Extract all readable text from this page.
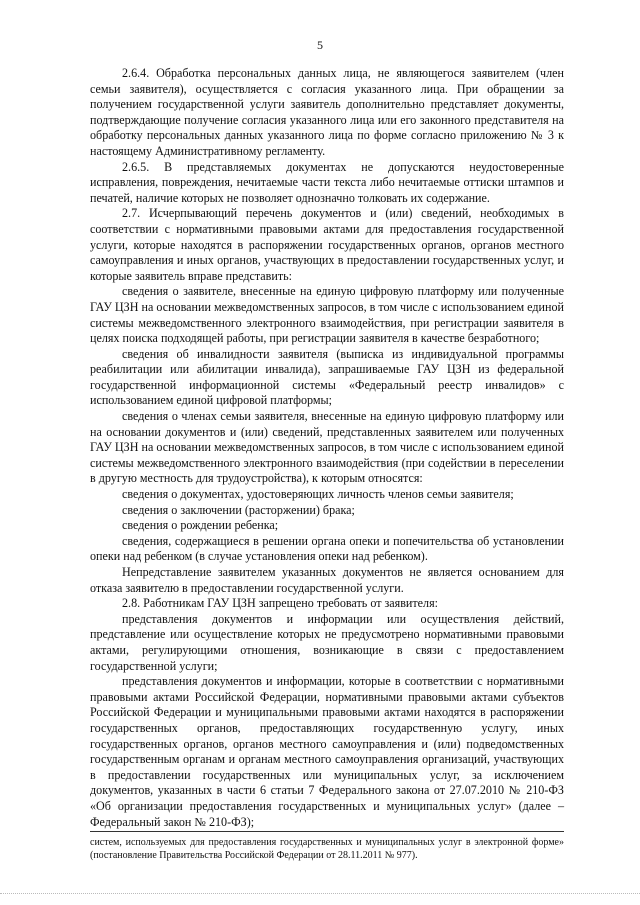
5

2.6.4. Обработка персональных данных лица, не являющегося заявителем (член семьи заявителя), осуществляется с согласия указанного лица. При обращении за получением государственной услуги заявитель дополнительно представляет документы, подтверждающие получение согласия указанного лица или его законного представителя на обработку персональных данных указанного лица по форме согласно приложению № 3 к настоящему Административному регламенту.

2.6.5. В представляемых документах не допускаются неудостоверенные исправления, повреждения, нечитаемые части текста либо нечитаемые оттиски штампов и печатей, наличие которых не позволяет однозначно толковать их содержание.

2.7. Исчерпывающий перечень документов и (или) сведений, необходимых в соответствии с нормативными правовыми актами для предоставления государственной услуги, которые находятся в распоряжении государственных органов, органов местного самоуправления и иных органов, участвующих в предоставлении государственных услуг, и которые заявитель вправе представить:

сведения о заявителе, внесенные на единую цифровую платформу или полученные ГАУ ЦЗН на основании межведомственных запросов, в том числе с использованием единой системы межведомственного электронного взаимодействия, при регистрации заявителя в целях поиска подходящей работы, при регистрации заявителя в качестве безработного;

сведения об инвалидности заявителя (выписка из индивидуальной программы реабилитации или абилитации инвалида), запрашиваемые ГАУ ЦЗН из федеральной государственной информационной системы «Федеральный реестр инвалидов» с использованием единой цифровой платформы;

сведения о членах семьи заявителя, внесенные на единую цифровую платформу или на основании документов и (или) сведений, представленных заявителем или полученных ГАУ ЦЗН на основании межведомственных запросов, в том числе с использованием единой системы межведомственного электронного взаимодействия (при содействии в переселении в другую местность для трудоустройства), к которым относятся:

сведения о документах, удостоверяющих личность членов семьи заявителя;

сведения о заключении (расторжении) брака;

сведения о рождении ребенка;

сведения, содержащиеся в решении органа опеки и попечительства об установлении опеки над ребенком (в случае установления опеки над ребенком).

Непредставление заявителем указанных документов не является основанием для отказа заявителю в предоставлении государственной услуги.

2.8. Работникам ГАУ ЦЗН запрещено требовать от заявителя:

представления документов и информации или осуществления действий, представление или осуществление которых не предусмотрено нормативными правовыми актами, регулирующими отношения, возникающие в связи с предоставлением государственной услуги;

представления документов и информации, которые в соответствии с нормативными правовыми актами Российской Федерации, нормативными правовыми актами субъектов Российской Федерации и муниципальными правовыми актами находятся в распоряжении государственных органов, предоставляющих государственную услугу, иных государственных органов, органов местного самоуправления и (или) подведомственных государственным органам и органам местного самоуправления организаций, участвующих в предоставлении государственных или муниципальных услуг, за исключением документов, указанных в части 6 статьи 7 Федерального закона от 27.07.2010 № 210-ФЗ «Об организации предоставления государственных и муниципальных услуг» (далее – Федеральный закон № 210-ФЗ);

систем, используемых для предоставления государственных и муниципальных услуг в электронной форме» (постановление Правительства Российской Федерации от 28.11.2011 № 977).
